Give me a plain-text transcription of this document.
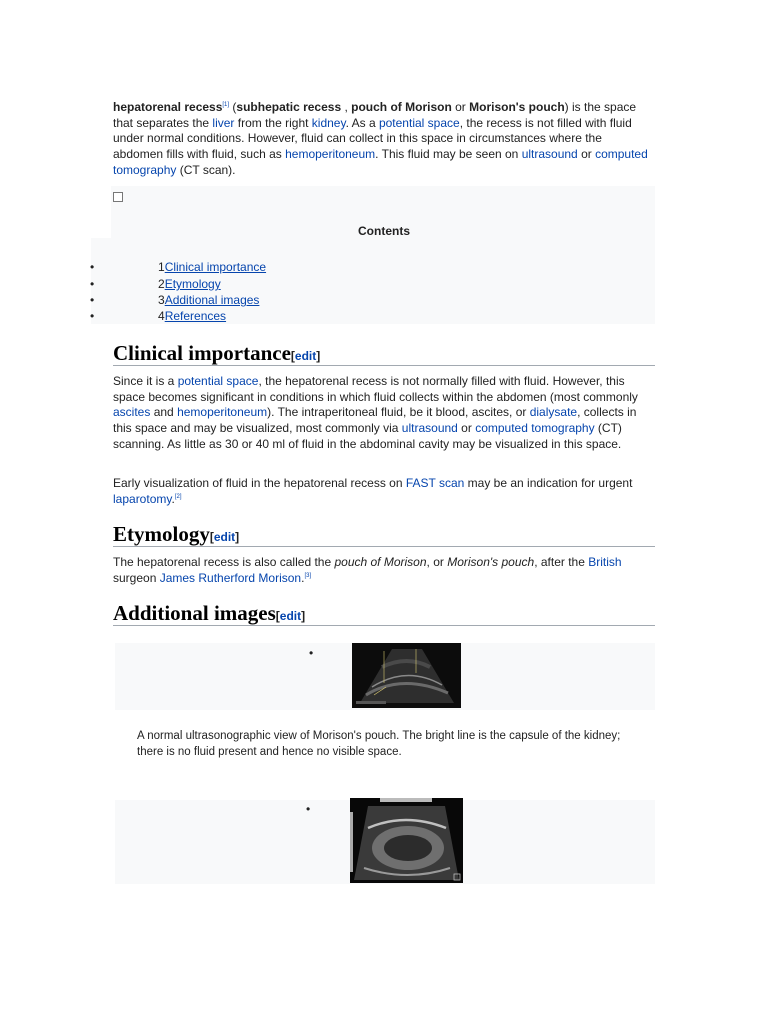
hepatorenal recess[1] (subhepatic recess , pouch of Morison or Morison's pouch) is the space that separates the liver from the right kidney. As a potential space, the recess is not filled with fluid under normal conditions. However, fluid can collect in this space in circumstances where the abdomen fills with fluid, such as hemoperitoneum. This fluid may be seen on ultrasound or computed tomography (CT scan).

Contents
•	1Clinical importance
•	2Etymology
•	3Additional images
•	4References
Clinical importance[edit]

Since it is a potential space, the hepatorenal recess is not normally filled with fluid. However, this space becomes significant in conditions in which fluid collects within the abdomen (most commonly ascites and hemoperitoneum). The intraperitoneal fluid, be it blood, ascites, or dialysate, collects in this space and may be visualized, most commonly via ultrasound or computed tomography (CT) scanning. As little as 30 or 40 ml of fluid in the abdominal cavity may be visualized in this space.

Early visualization of fluid in the hepatorenal recess on FAST scan may be an indication for urgent laparotomy.[2]

Etymology[edit]

The hepatorenal recess is also called the pouch of Morison, or Morison's pouch, after the British surgeon James Rutherford Morison.[3]

Additional images[edit]
•

A normal ultrasonographic view of Morison's pouch. The bright line is the capsule of the kidney; there is no fluid present and hence no visible space.

•
